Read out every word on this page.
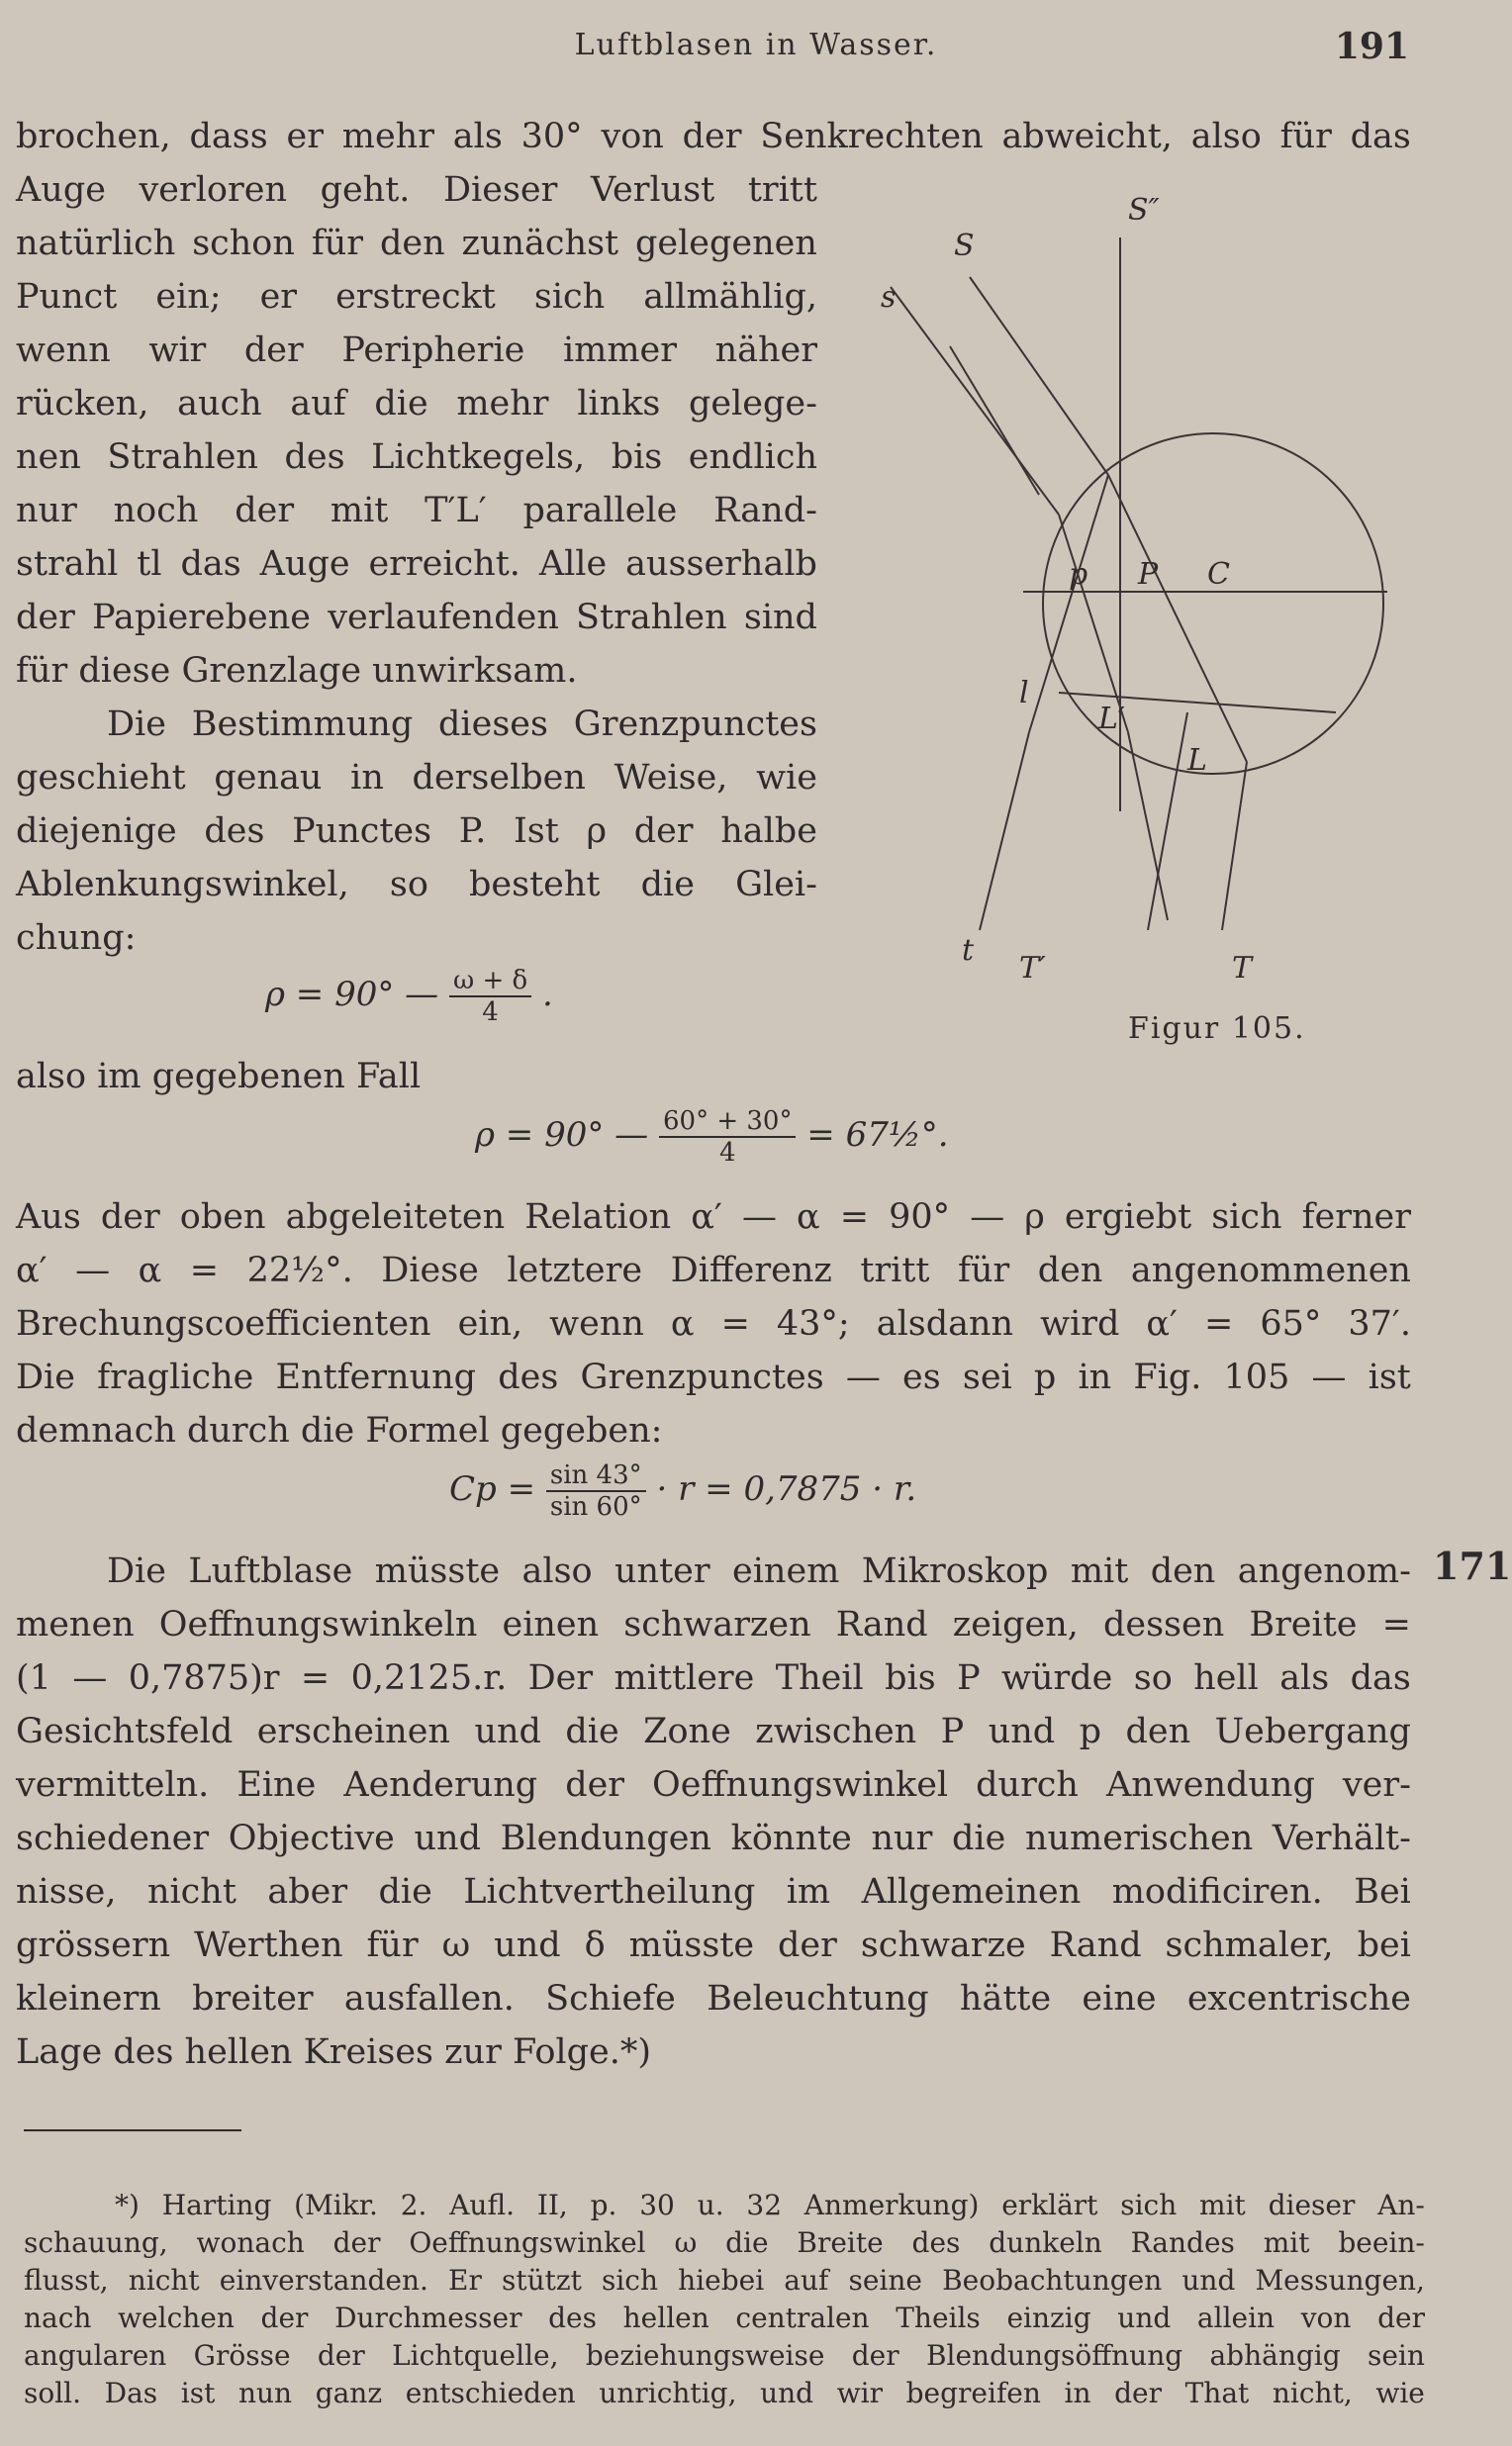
Luftblasen in Wasser.	191
brochen, dass er mehr als 30° von der Senkrechten abweicht, also für das
Auge verloren geht. Dieser Verlust tritt
natürlich schon für den zunächst gelegenen
Punct ein; er erstreckt sich allmählig,
wenn wir der Peripherie immer näher
rücken, auch auf die mehr links gelege-
nen Strahlen des Lichtkegels, bis endlich
nur noch der mit T′L′ parallele Rand-
strahl tl das Auge erreicht. Alle ausserhalb
der Papierebene verlaufenden Strahlen sind
für diese Grenzlage unwirksam.
Die Bestimmung dieses Grenzpunctes
geschieht genau in derselben Weise, wie
diejenige des Punctes P. Ist ρ der halbe
Ablenkungswinkel, so besteht die Glei-
chung:
ρ = 90° — $\frac{\omega + \delta}{4}$ .
also im gegebenen Fall
ρ = 90° — $\frac{60^\circ + 30^\circ}{4}$ = 67½°.
Aus der oben abgeleiteten Relation α′ — α = 90° — ρ ergiebt sich ferner
α′ — α = 22½°. Diese letztere Differenz tritt für den angenommenen
Brechungscoefficienten ein, wenn α = 43°; alsdann wird α′ = 65° 37′.
Die fragliche Entfernung des Grenzpunctes — es sei p in Fig. 105 — ist
demnach durch die Formel gegeben:
$Cp = \frac{\sin 43^\circ}{\sin 60^\circ} \cdot r = 0,7875 \cdot r$.
Die Luftblase müsste also unter einem Mikroskop mit den angenom-
menen Oeffnungswinkeln einen schwarzen Rand zeigen, dessen Breite =
(1 — 0,7875)r = 0,2125.r. Der mittlere Theil bis P würde so hell als das
Gesichtsfeld erscheinen und die Zone zwischen P und p den Uebergang
vermitteln. Eine Aenderung der Oeffnungswinkel durch Anwendung ver-
schiedener Objective und Blendungen könnte nur die numerischen Verhält-
nisse, nicht aber die Lichtvertheilung im Allgemeinen modificiren. Bei
grössern Werthen für ω und δ müsste der schwarze Rand schmaler, bei
kleinern breiter ausfallen. Schiefe Beleuchtung hätte eine excentrische
Lage des hellen Kreises zur Folge.*)
171
S
S″
s
p P C
L′
L
l
t
T′	T
Figur 105.
*) Harting (Mikr. 2. Aufl. II, p. 30 u. 32 Anmerkung) erklärt sich mit dieser An-
schauung, wonach der Oeffnungswinkel ω die Breite des dunkeln Randes mit beein-
flusst, nicht einverstanden. Er stützt sich hiebei auf seine Beobachtungen und Messungen,
nach welchen der Durchmesser des hellen centralen Theils einzig und allein von der
angularen Grösse der Lichtquelle, beziehungsweise der Blendungsöffnung abhängig sein
soll. Das ist nun ganz entschieden unrichtig, und wir begreifen in der That nicht, wie
